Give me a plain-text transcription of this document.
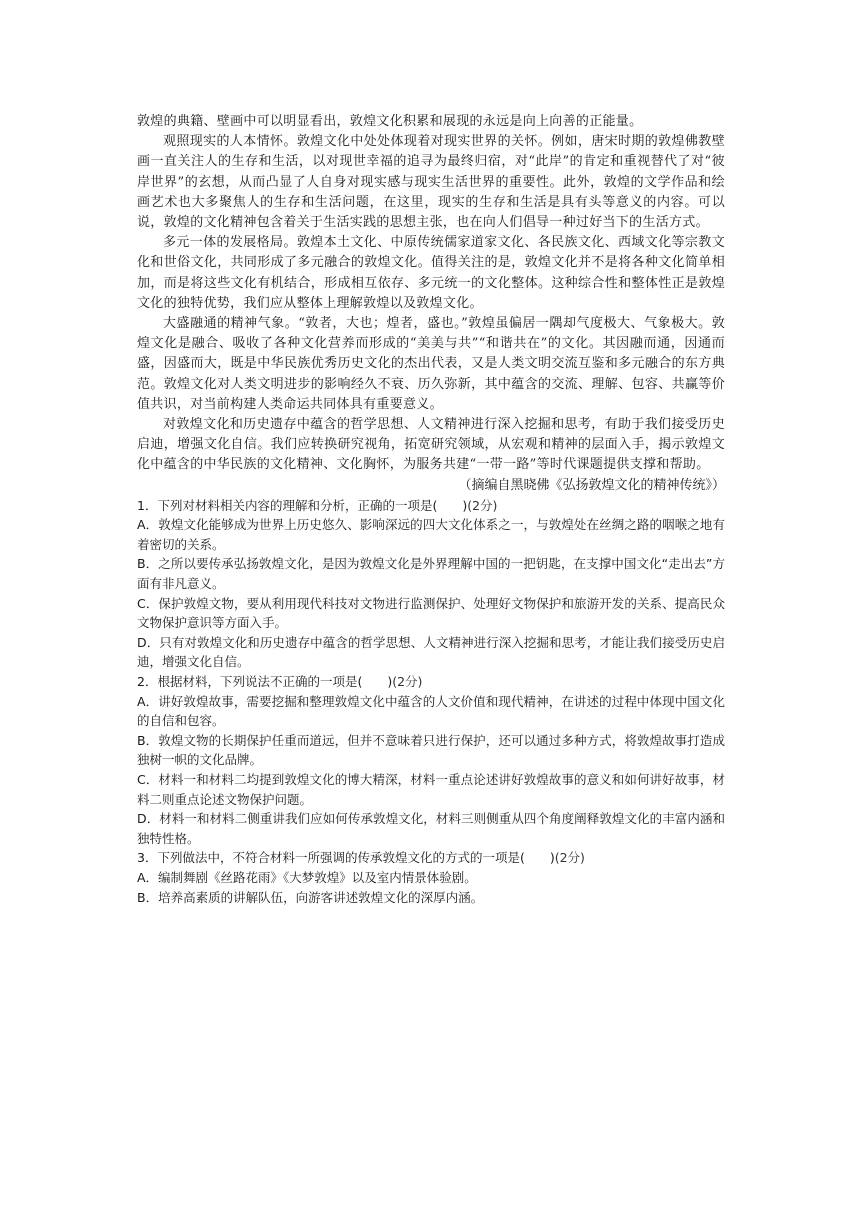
敦煌的典籍、壁画中可以明显看出，敦煌文化积累和展现的永远是向上向善的正能量。

观照现实的人本情怀。敦煌文化中处处体现着对现实世界的关怀。例如，唐宋时期的敦煌佛教壁画一直关注人的生存和生活，以对现世幸福的追寻为最终归宿，对“此岸”的肯定和重视替代了对“彼岸世界”的玄想，从而凸显了人自身对现实感与现实生活世界的重要性。此外，敦煌的文学作品和绘画艺术也大多聚焦人的生存和生活问题，在这里，现实的生存和生活是具有头等意义的内容。可以说，敦煌的文化精神包含着关于生活实践的思想主张，也在向人们倡导一种过好当下的生活方式。

多元一体的发展格局。敦煌本土文化、中原传统儒家道家文化、各民族文化、西域文化等宗教文化和世俗文化，共同形成了多元融合的敦煌文化。值得关注的是，敦煌文化并不是将各种文化简单相加，而是将这些文化有机结合，形成相互依存、多元统一的文化整体。这种综合性和整体性正是敦煌文化的独特优势，我们应从整体上理解敦煌以及敦煌文化。

大盛融通的精神气象。“敦者，大也；煌者，盛也。”敦煌虽偏居一隅却气度极大、气象极大。敦煌文化是融合、吸收了各种文化营养而形成的“美美与共”“和谐共在”的文化。其因融而通，因通而盛，因盛而大，既是中华民族优秀历史文化的杰出代表，又是人类文明交流互鉴和多元融合的东方典范。敦煌文化对人类文明进步的影响经久不衰、历久弥新，其中蕴含的交流、理解、包容、共赢等价值共识，对当前构建人类命运共同体具有重要意义。

对敦煌文化和历史遗存中蕴含的哲学思想、人文精神进行深入挖掘和思考，有助于我们接受历史启迪，增强文化自信。我们应转换研究视角，拓宽研究领域，从宏观和精神的层面入手，揭示敦煌文化中蕴含的中华民族的文化精神、文化胸怀，为服务共建“一带一路”等时代课题提供支撑和帮助。

（摘编自黑晓佛《弘扬敦煌文化的精神传统》）

1．下列对材料相关内容的理解和分析，正确的一项是(　　)(2分)

A．敦煌文化能够成为世界上历史悠久、影响深远的四大文化体系之一，与敦煌处在丝绸之路的咽喉之地有着密切的关系。

B．之所以要传承弘扬敦煌文化，是因为敦煌文化是外界理解中国的一把钥匙，在支撑中国文化“走出去”方面有非凡意义。

C．保护敦煌文物，要从利用现代科技对文物进行监测保护、处理好文物保护和旅游开发的关系、提高民众文物保护意识等方面入手。

D．只有对敦煌文化和历史遗存中蕴含的哲学思想、人文精神进行深入挖掘和思考，才能让我们接受历史启迪，增强文化自信。

2．根据材料，下列说法不正确的一项是(　　)(2分)

A．讲好敦煌故事，需要挖掘和整理敦煌文化中蕴含的人文价值和现代精神，在讲述的过程中体现中国文化的自信和包容。

B．敦煌文物的长期保护任重而道远，但并不意味着只进行保护，还可以通过多种方式，将敦煌故事打造成独树一帜的文化品牌。

C．材料一和材料二均提到敦煌文化的博大精深，材料一重点论述讲好敦煌故事的意义和如何讲好故事，材料二则重点论述文物保护问题。

D．材料一和材料二侧重讲我们应如何传承敦煌文化，材料三则侧重从四个角度阐释敦煌文化的丰富内涵和独特性格。

3．下列做法中，不符合材料一所强调的传承敦煌文化的方式的一项是(　　)(2分)

A．编制舞剧《丝路花雨》《大梦敦煌》以及室内情景体验剧。

B．培养高素质的讲解队伍，向游客讲述敦煌文化的深厚内涵。
